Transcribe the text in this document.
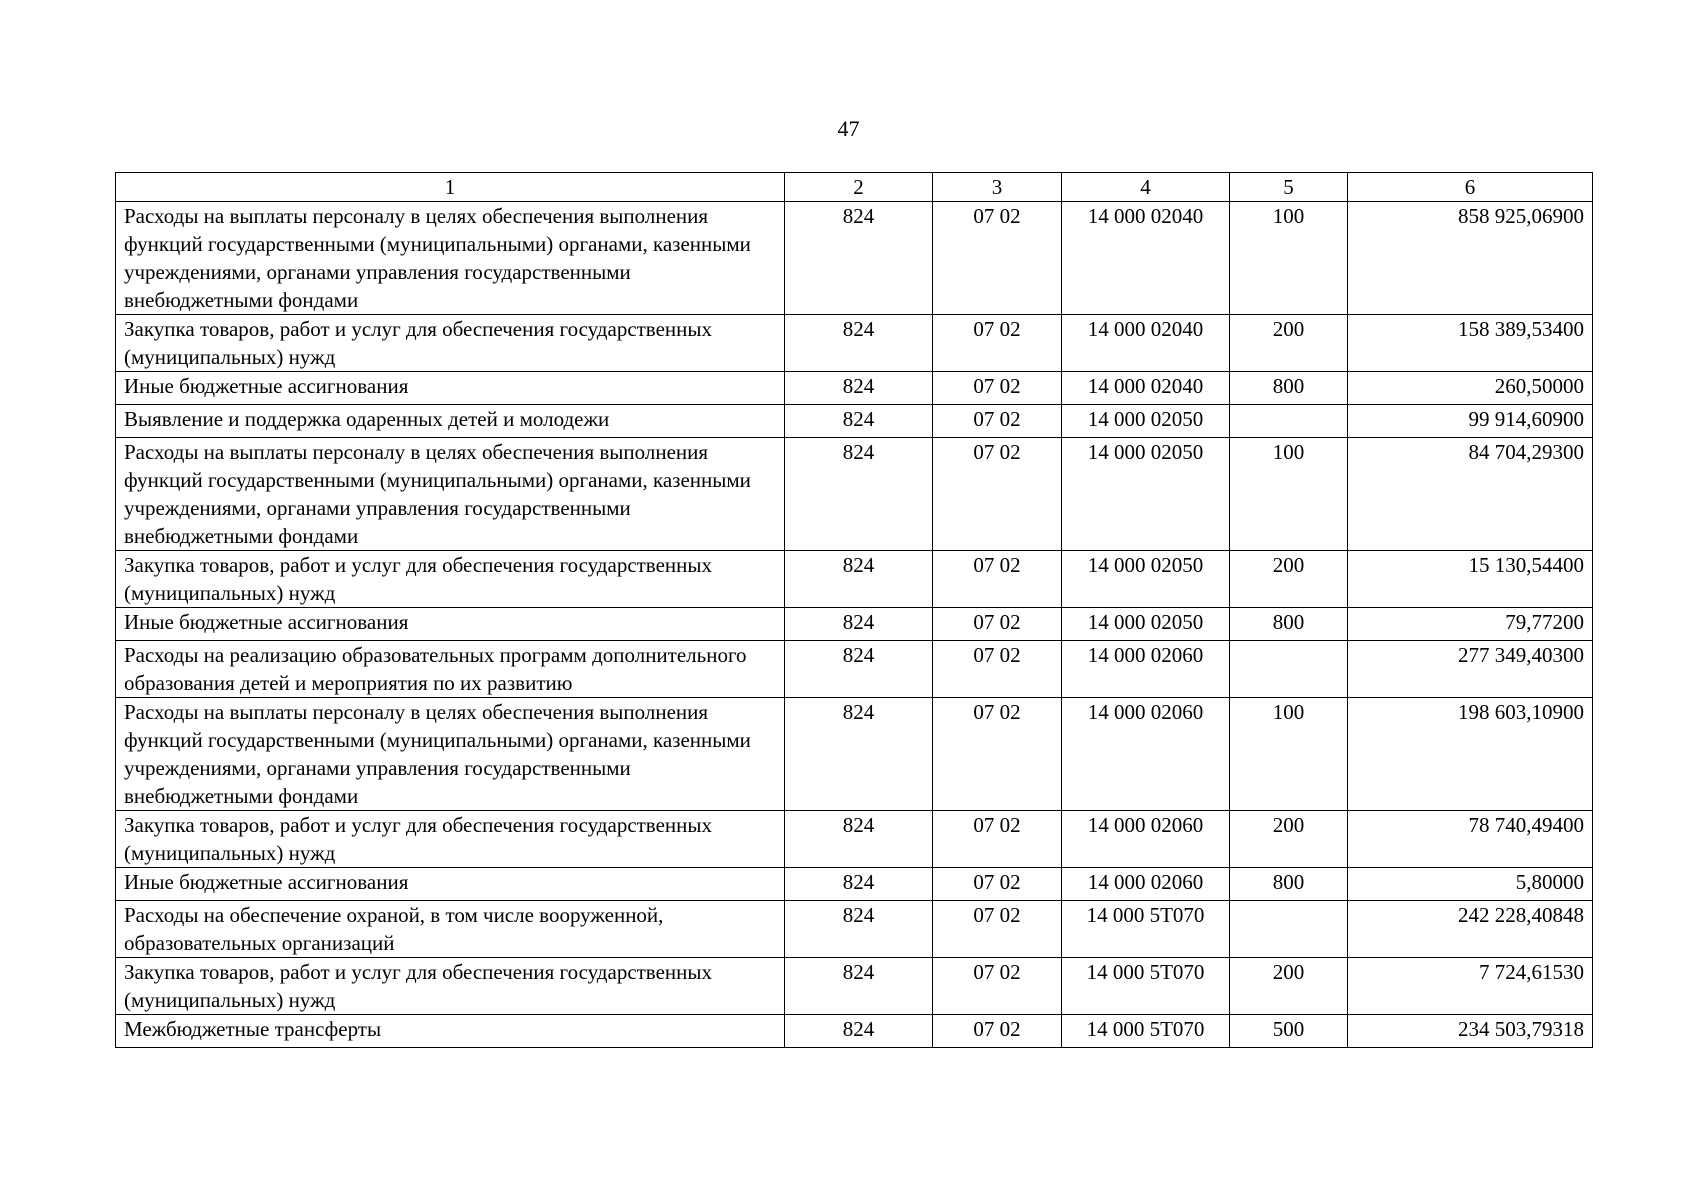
47
1	2	3	4	5	6
Расходы на выплаты персоналу в целях обеспечения выполнения функций государственными (муниципальными) органами, казенными учреждениями, органами управления государственными внебюджетными фондами	824	07 02	14 000 02040	100	858 925,06900
Закупка товаров, работ и услуг для обеспечения государственных (муниципальных) нужд	824	07 02	14 000 02040	200	158 389,53400
Иные бюджетные ассигнования	824	07 02	14 000 02040	800	260,50000
Выявление и поддержка одаренных детей и молодежи	824	07 02	14 000 02050		99 914,60900
Расходы на выплаты персоналу в целях обеспечения выполнения функций государственными (муниципальными) органами, казенными учреждениями, органами управления государственными внебюджетными фондами	824	07 02	14 000 02050	100	84 704,29300
Закупка товаров, работ и услуг для обеспечения государственных (муниципальных) нужд	824	07 02	14 000 02050	200	15 130,54400
Иные бюджетные ассигнования	824	07 02	14 000 02050	800	79,77200
Расходы на реализацию образовательных программ дополнительного образования детей и мероприятия по их развитию	824	07 02	14 000 02060		277 349,40300
Расходы на выплаты персоналу в целях обеспечения выполнения функций государственными (муниципальными) органами, казенными учреждениями, органами управления государственными внебюджетными фондами	824	07 02	14 000 02060	100	198 603,10900
Закупка товаров, работ и услуг для обеспечения государственных (муниципальных) нужд	824	07 02	14 000 02060	200	78 740,49400
Иные бюджетные ассигнования	824	07 02	14 000 02060	800	5,80000
Расходы на обеспечение охраной, в том числе вооруженной, образовательных организаций	824	07 02	14 000 5Т070		242 228,40848
Закупка товаров, работ и услуг для обеспечения государственных (муниципальных) нужд	824	07 02	14 000 5Т070	200	7 724,61530
Межбюджетные трансферты	824	07 02	14 000 5Т070	500	234 503,79318
